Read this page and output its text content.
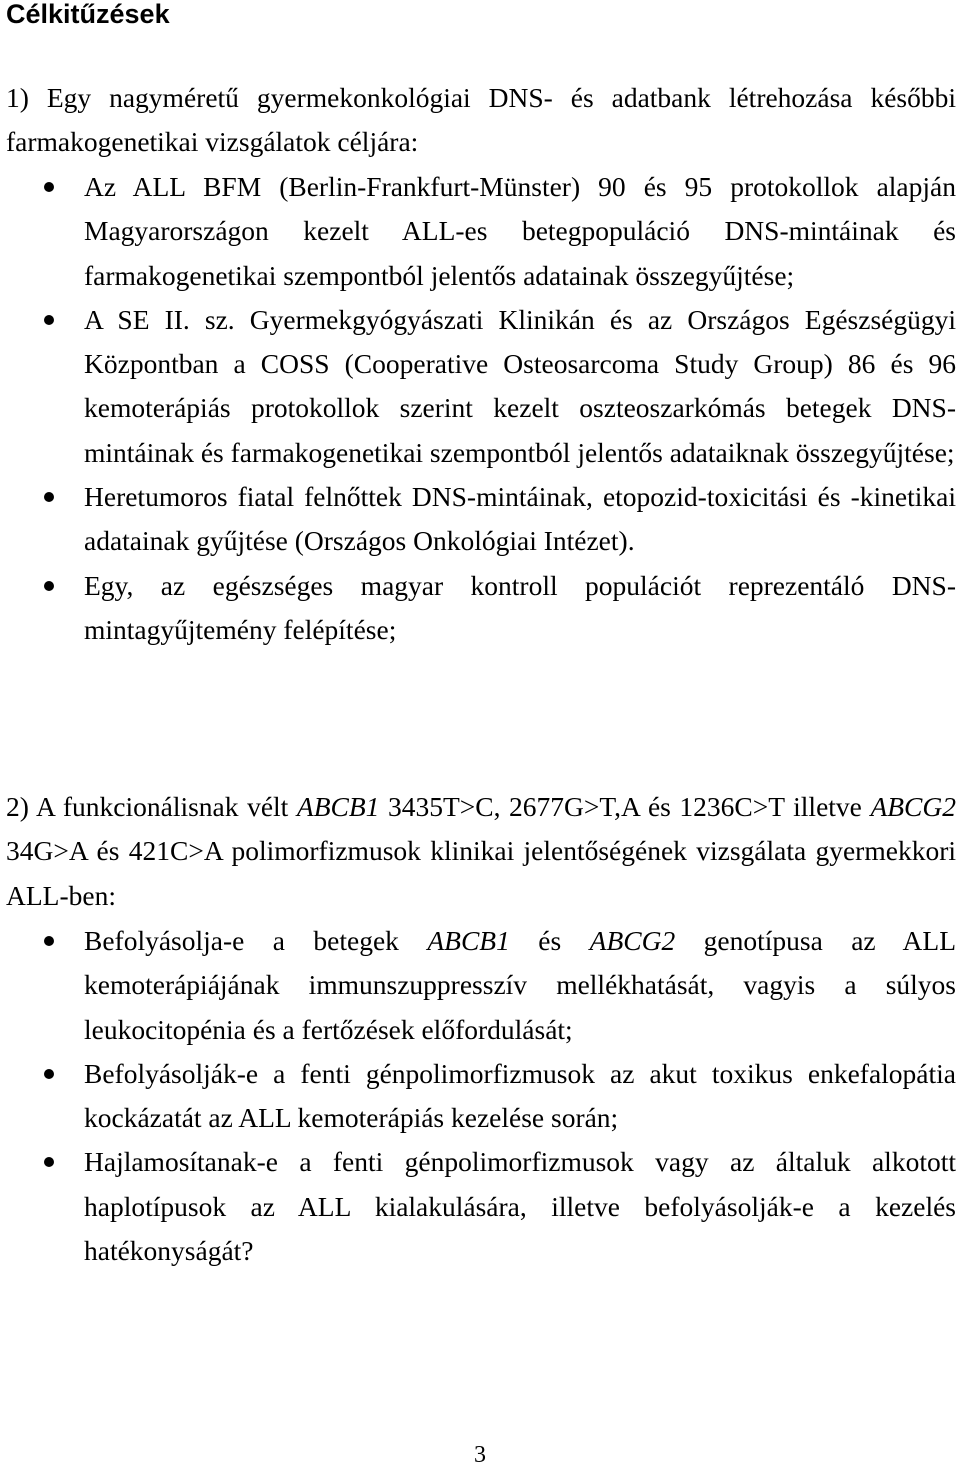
Célkitűzések

1) Egy nagyméretű gyermekonkológiai DNS- és adatbank létrehozása későbbi farmakogenetikai vizsgálatok céljára:

Az ALL BFM (Berlin-Frankfurt-Münster) 90 és 95 protokollok alapján Magyarországon kezelt ALL-es betegpopuláció DNS-mintáinak és farmakogenetikai szempontból jelentős adatainak összegyűjtése;
A SE II. sz. Gyermekgyógyászati Klinikán és az Országos Egészségügyi Központban a COSS (Cooperative Osteosarcoma Study Group) 86 és 96 kemoterápiás protokollok szerint kezelt oszteoszarkómás betegek DNS-mintáinak és farmakogenetikai szempontból jelentős adataiknak összegyűjtése;
Heretumoros fiatal felnőttek DNS-mintáinak, etopozid-toxicitási és -kinetikai adatainak gyűjtése (Országos Onkológiai Intézet).
Egy, az egészséges magyar kontroll populációt reprezentáló DNS-mintagyűjtemény felépítése;

2) A funkcionálisnak vélt ABCB1 3435T>C, 2677G>T,A és 1236C>T illetve ABCG2 34G>A és 421C>A polimorfizmusok klinikai jelentőségének vizsgálata gyermekkori ALL-ben:

Befolyásolja-e a betegek ABCB1 és ABCG2 genotípusa az ALL kemoterápiájának immunszuppresszív mellékhatását, vagyis a súlyos leukocitopénia és a fertőzések előfordulását;
Befolyásolják-e a fenti génpolimorfizmusok az akut toxikus enkefalopátia kockázatát az ALL kemoterápiás kezelése során;
Hajlamosítanak-e a fenti génpolimorfizmusok vagy az általuk alkotott haplotípusok az ALL kialakulására, illetve befolyásolják-e a kezelés hatékonyságát?
3
